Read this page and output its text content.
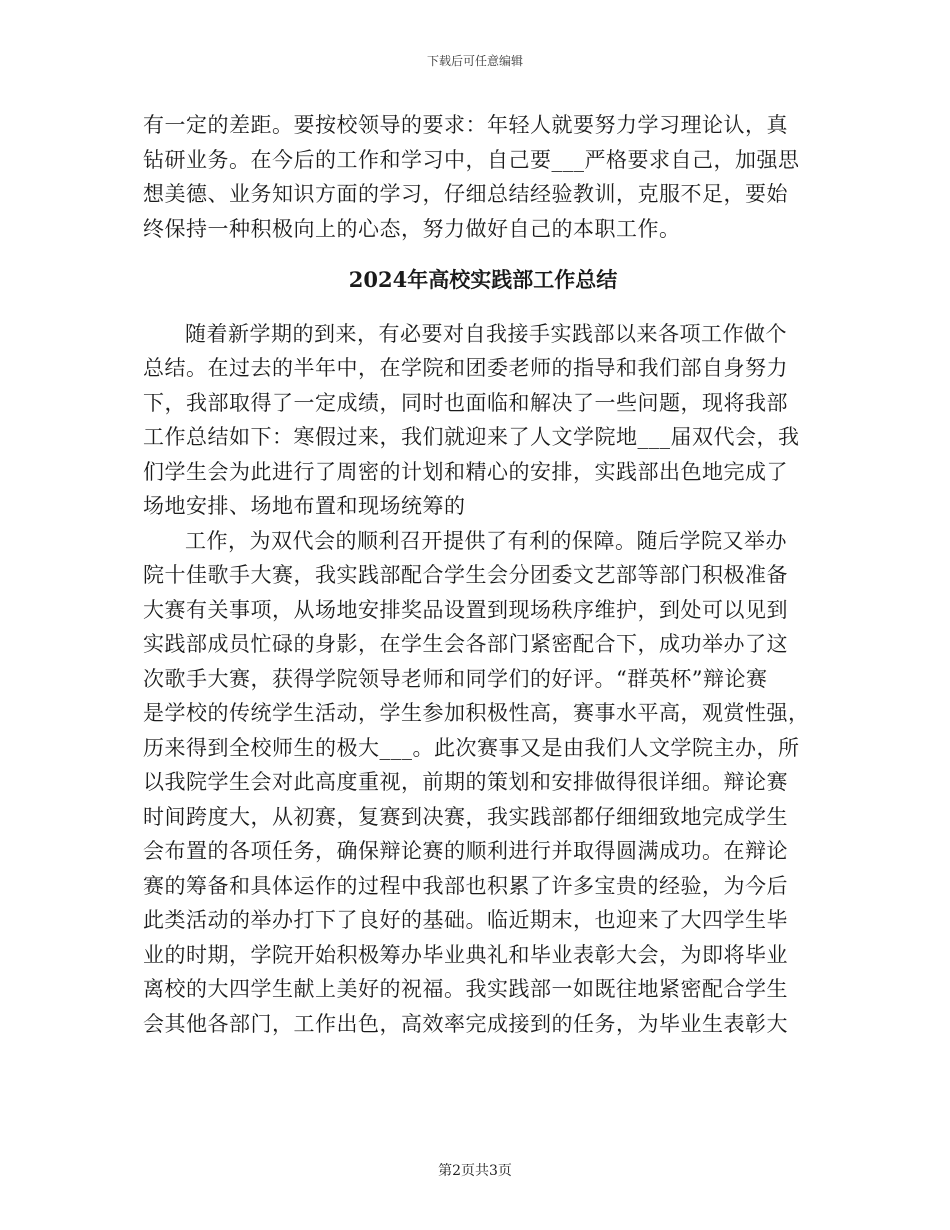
下载后可任意编辑
有一定的差距。要按校领导的要求：年轻人就要努力学习理论认，真
钻研业务。在今后的工作和学习中，自己要___严格要求自己，加强思
想美德、业务知识方面的学习，仔细总结经验教训，克服不足，要始
终保持一种积极向上的心态，努力做好自己的本职工作。
2024年高校实践部工作总结
随着新学期的到来，有必要对自我接手实践部以来各项工作做个
总结。在过去的半年中，在学院和团委老师的指导和我们部自身努力
下，我部取得了一定成绩，同时也面临和解决了一些问题，现将我部
工作总结如下：寒假过来，我们就迎来了人文学院地___届双代会，我
们学生会为此进行了周密的计划和精心的安排，实践部出色地完成了
场地安排、场地布置和现场统筹的
工作，为双代会的顺利召开提供了有利的保障。随后学院又举办
院十佳歌手大赛，我实践部配合学生会分团委文艺部等部门积极准备
大赛有关事项，从场地安排奖品设置到现场秩序维护，到处可以见到
实践部成员忙碌的身影，在学生会各部门紧密配合下，成功举办了这
次歌手大赛，获得学院领导老师和同学们的好评。“群英杯”辩论赛
是学校的传统学生活动，学生参加积极性高，赛事水平高，观赏性强，
历来得到全校师生的极大___。此次赛事又是由我们人文学院主办，所
以我院学生会对此高度重视，前期的策划和安排做得很详细。辩论赛
时间跨度大，从初赛，复赛到决赛，我实践部都仔细细致地完成学生
会布置的各项任务，确保辩论赛的顺利进行并取得圆满成功。在辩论
赛的筹备和具体运作的过程中我部也积累了许多宝贵的经验，为今后
此类活动的举办打下了良好的基础。临近期末，也迎来了大四学生毕
业的时期，学院开始积极筹办毕业典礼和毕业表彰大会，为即将毕业
离校的大四学生献上美好的祝福。我实践部一如既往地紧密配合学生
会其他各部门，工作出色，高效率完成接到的任务，为毕业生表彰大
第2页共3页
